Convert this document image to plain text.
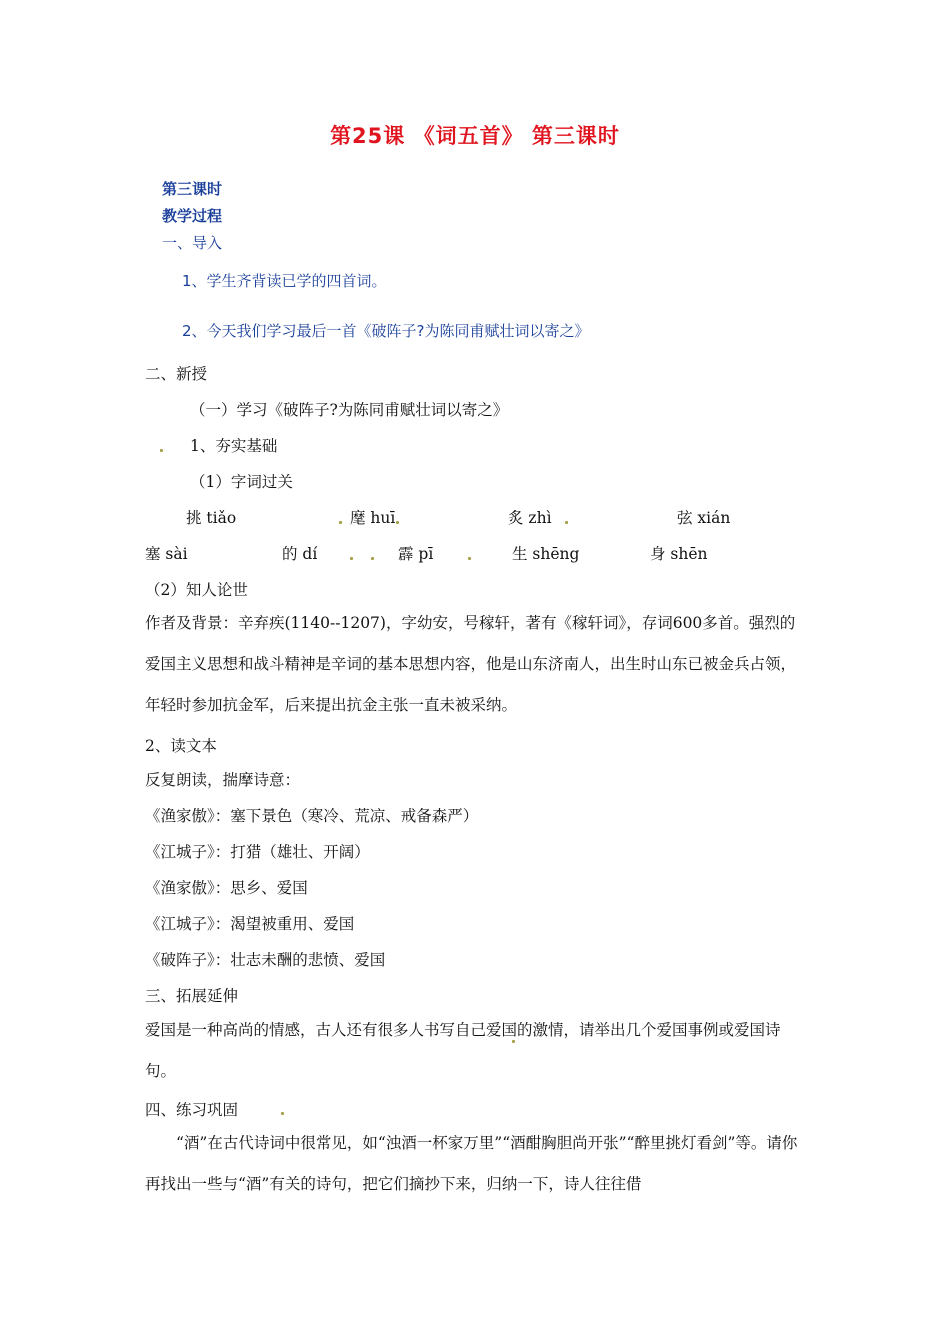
第25课 《词五首》 第三课时
第三课时
教学过程
一、导入
1、学生齐背读已学的四首词。
2、今天我们学习最后一首《破阵子?为陈同甫赋壮词以寄之》
二、新授
（一）学习《破阵子?为陈同甫赋壮词以寄之》
1、夯实基础
（1）字词过关
挑 tiǎo	麾 huī	炙 zhì	弦 xián
塞 sài	的 dí	霹 pī	生 shēng	身 shēn
（2）知人论世
作者及背景：辛弃疾(1140--1207)，字幼安，号稼轩，著有《稼轩词》，存词600多首。强烈的爱国主义思想和战斗精神是辛词的基本思想内容，他是山东济南人，出生时山东已被金兵占领，年轻时参加抗金军，后来提出抗金主张一直未被采纳。
2、读文本
反复朗读，揣摩诗意：
《渔家傲》：塞下景色（寒冷、荒凉、戒备森严）
《江城子》：打猎（雄壮、开阔）
《渔家傲》：思乡、爱国
《江城子》：渴望被重用、爱国
《破阵子》：壮志未酬的悲愤、爱国
三、拓展延伸
爱国是一种高尚的情感，古人还有很多人书写自己爱国的激情，请举出几个爱国事例或爱国诗句。
四、练习巩固
“酒”在古代诗词中很常见，如“浊酒一杯家万里”“酒酣胸胆尚开张”“醉里挑灯看剑”等。请你再找出一些与“酒”有关的诗句，把它们摘抄下来，归纳一下，诗人往往借
